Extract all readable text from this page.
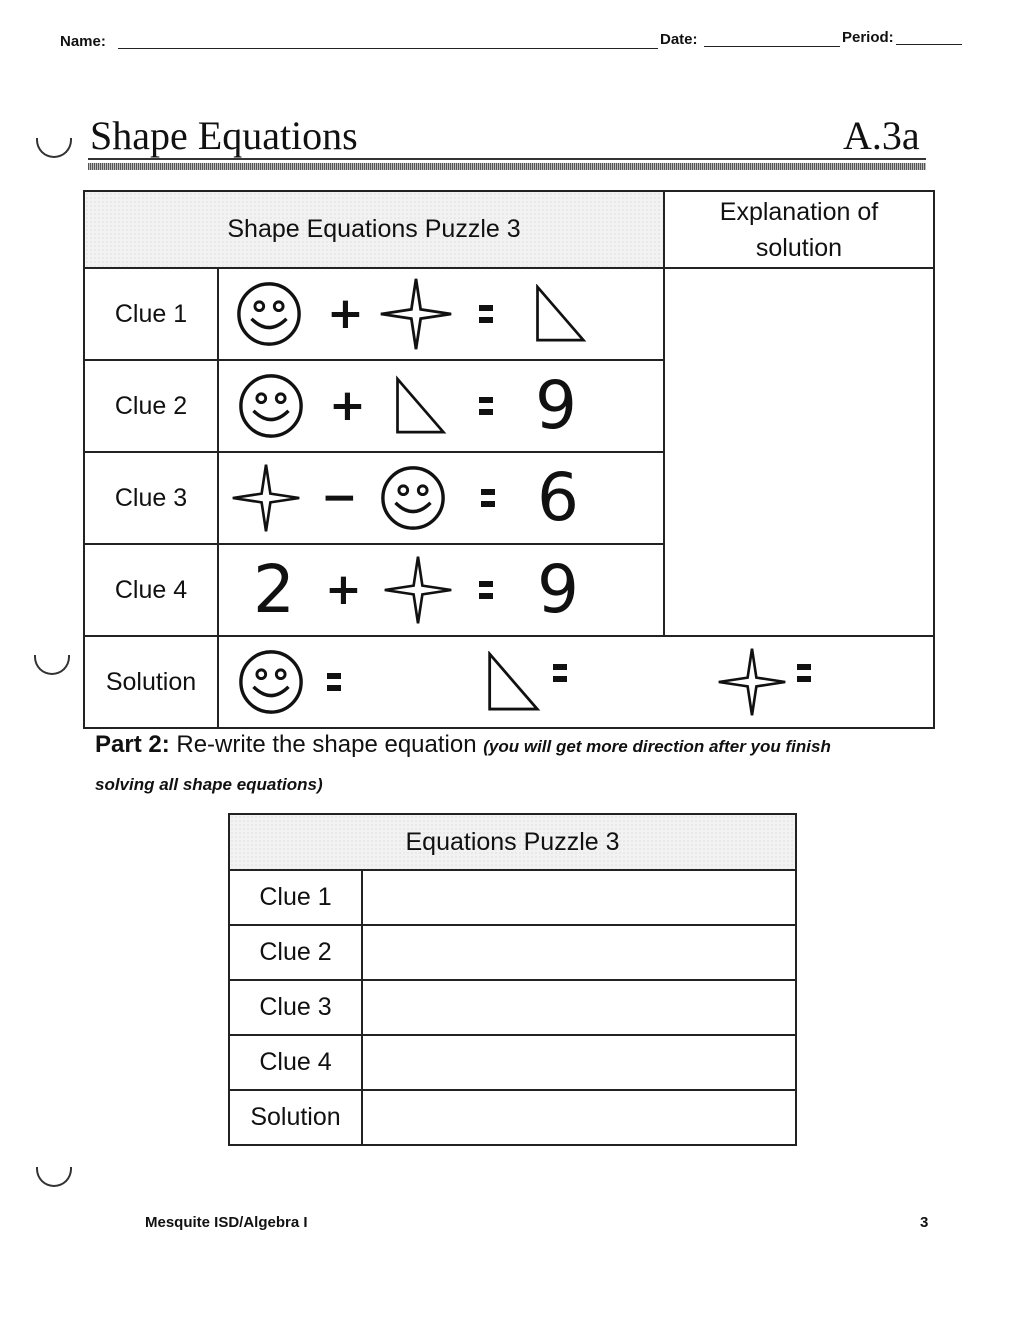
Name:	Date:	Period:
Shape Equations	A.3a
Shape Equations Puzzle 3		Explanation of
solution

Clue 1	+	

Clue 2	+ 9	

Clue 3	− 6	

Clue 4	2 + 9	

Solution	
Part 2: Re-write the shape equation (you will get more direction after you finish
solving all shape equations)
Equations Puzzle 3	
Clue 1	
Clue 2	
Clue 3	
Clue 4	
Solution	
Mesquite ISD/Algebra I	3
